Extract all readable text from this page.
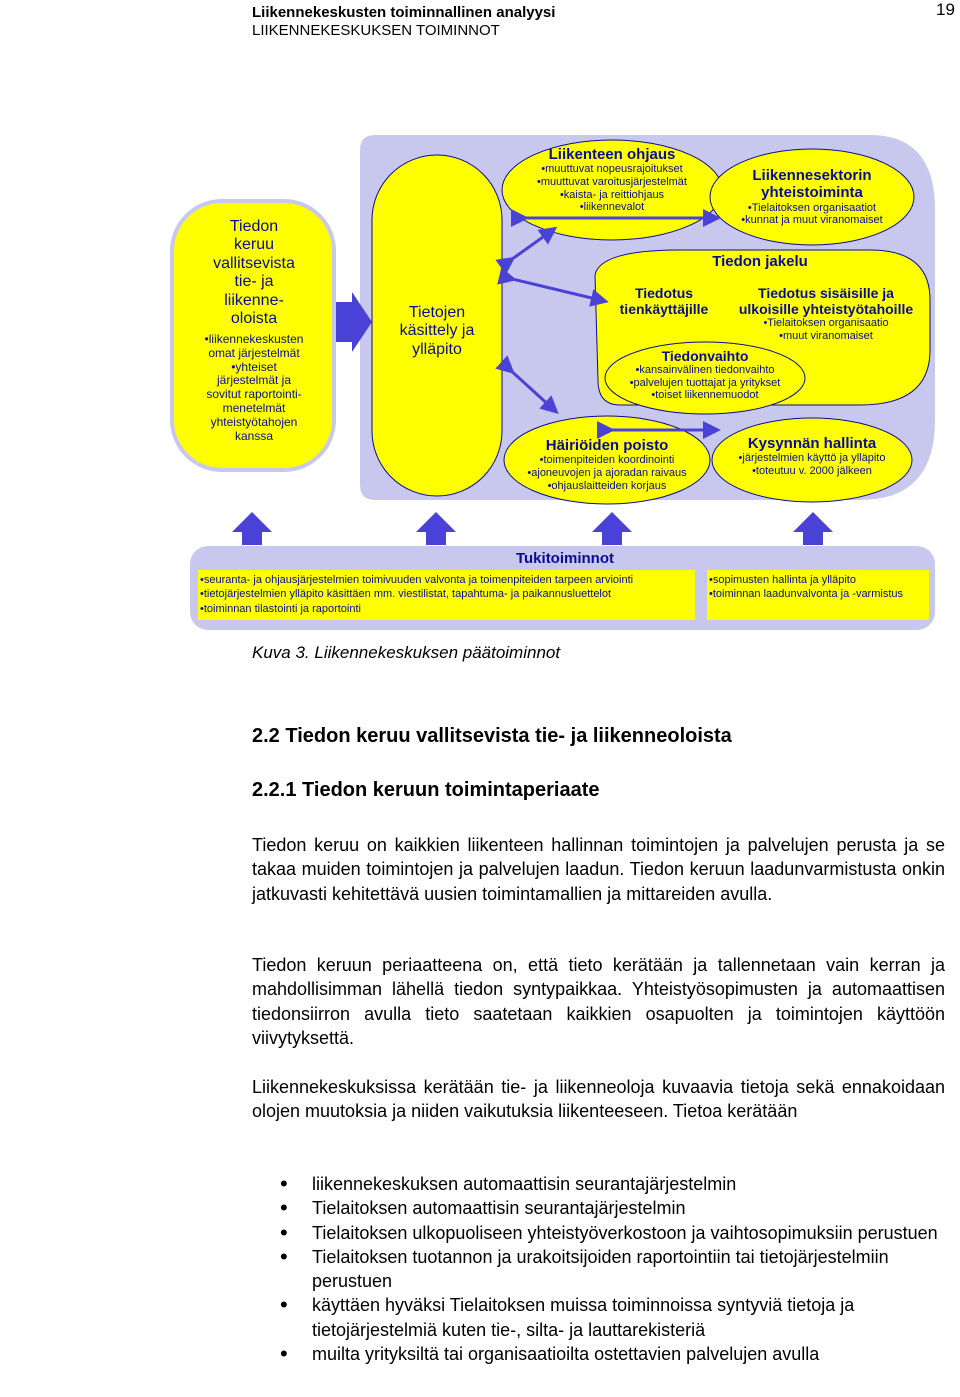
Liikennekeskusten toiminnallinen analyysi
LIIKENNEKESKUKSEN TOIMINNOT
19
Tiedon
keruu
vallitsevista
tie- ja
liikenne-
oloista
•liikennekeskusten
omat järjestelmät
•yhteiset
järjestelmät ja
sovitut raportointi-
menetelmät
yhteistyötahojen
kanssa
Tietojen
käsittely ja
ylläpito
Liikenteen ohjaus
•muuttuvat nopeusrajoitukset
•muuttuvat varoitusjärjestelmät
•kaista- ja reittiohjaus
•liikennevalot
Liikennesektorin
yhteistoiminta
•Tielaitoksen organisaatiot
•kunnat ja muut viranomaiset
Tiedon jakelu
Tiedotus
tienkäyttäjille
Tiedotus sisäisille ja
ulkoisille yhteistyötahoille
•Tielaitoksen organisaatio
•muut viranomaiset
Tiedonvaihto
•kansainvälinen tiedonvaihto
•palvelujen tuottajat ja yritykset
•toiset liikennemuodot
Häiriöiden poisto
•toimenpiteiden koordinointi
•ajoneuvojen ja ajoradan raivaus
•ohjauslaitteiden korjaus
Kysynnän hallinta
•järjestelmien käyttö ja ylläpito
•toteutuu v. 2000 jälkeen
Tukitoiminnot
•seuranta- ja ohjausjärjestelmien toimivuuden valvonta ja toimenpiteiden tarpeen arviointi
•tietojärjestelmien ylläpito käsittäen mm. viestilistat, tapahtuma- ja paikannusluettelot
•toiminnan tilastointi ja raportointi
•sopimusten hallinta ja ylläpito
•toiminnan laadunvalvonta ja -varmistus
Kuva 3. Liikennekeskuksen päätoiminnot
2.2 Tiedon keruu vallitsevista tie- ja liikenneoloista
2.2.1 Tiedon keruun toimintaperiaate
Tiedon keruu on kaikkien liikenteen hallinnan toimintojen ja palvelujen perusta ja se takaa muiden toimintojen ja palvelujen laadun. Tiedon keruun laadunvarmistusta onkin jatkuvasti kehitettävä uusien toimintamallien ja mittareiden avulla.
Tiedon keruun periaatteena on, että tieto kerätään ja tallennetaan vain kerran ja mahdollisimman lähellä tiedon syntypaikkaa. Yhteistyösopimusten ja automaattisen tiedonsiirron avulla tieto saatetaan kaikkien osapuolten ja toimintojen käyttöön viivytyksettä.
Liikennekeskuksissa kerätään tie- ja liikenneoloja kuvaavia tietoja sekä ennakoidaan olojen muutoksia ja niiden vaikutuksia liikenteeseen. Tietoa kerätään
• liikennekeskuksen automaattisin seurantajärjestelmin
• Tielaitoksen automaattisin seurantajärjestelmin
• Tielaitoksen ulkopuoliseen yhteistyöverkostoon ja vaihtosopimuksiin perustuen
• Tielaitoksen tuotannon ja urakoitsijoiden raportointiin tai tietojärjestelmiin perustuen
• käyttäen hyväksi Tielaitoksen muissa toiminnoissa syntyviä tietoja ja tietojärjestelmiä kuten tie-, silta- ja lauttarekisteriä
• muilta yrityksiltä tai organisaatioilta ostettavien palvelujen avulla
